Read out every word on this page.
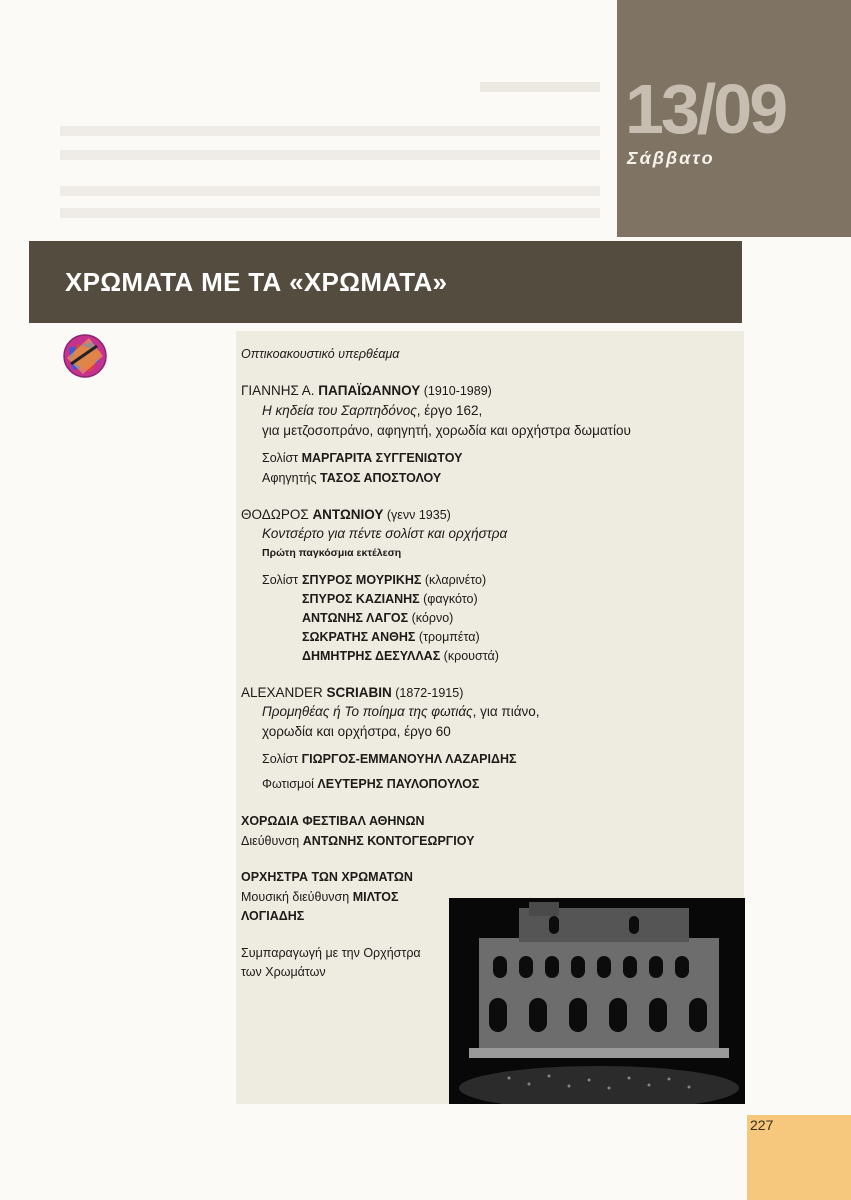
13/09
Σάββατο
ΧΡΩΜΑΤΑ ΜΕ ΤΑ «ΧΡΩΜΑΤΑ»
Οπτικοακουστικό υπερθέαμα
ΓΙΑΝΝΗΣ Α. ΠΑΠΑΪΩΑΝΝΟΥ (1910-1989)
Η κηδεία του Σαρπηδόνος, έργο 162,
για μετζοσοπράνο, αφηγητή, χορωδία και ορχήστρα δωματίου
Σολίστ ΜΑΡΓΑΡΙΤΑ ΣΥΓΓΕΝΙΩΤΟΥ
Αφηγητής ΤΑΣΟΣ ΑΠΟΣΤΟΛΟΥ
ΘΟΔΩΡΟΣ ΑΝΤΩΝΙΟΥ (γενν 1935)
Κοντσέρτο για πέντε σολίστ και ορχήστρα
Πρώτη παγκόσμια εκτέλεση
Σολίστ ΣΠΥΡΟΣ ΜΟΥΡΙΚΗΣ (κλαρινέτο)
ΣΠΥΡΟΣ ΚΑΖΙΑΝΗΣ (φαγκότο)
ΑΝΤΩΝΗΣ ΛΑΓΟΣ (κόρνο)
ΣΩΚΡΑΤΗΣ ΑΝΘΗΣ (τρομπέτα)
ΔΗΜΗΤΡΗΣ ΔΕΣΥΛΛΑΣ (κρουστά)
ALEXANDER SCRIABIN (1872-1915)
Προμηθέας ή Το ποίημα της φωτιάς, για πιάνο,
χορωδία και ορχήστρα, έργο 60
Σολίστ ΓΙΩΡΓΟΣ-ΕΜΜΑΝΟΥΗΛ ΛΑΖΑΡΙΔΗΣ
Φωτισμοί ΛΕΥΤΕΡΗΣ ΠΑΥΛΟΠΟΥΛΟΣ
ΧΟΡΩΔΙΑ ΦΕΣΤΙΒΑΛ ΑΘΗΝΩΝ
Διεύθυνση ΑΝΤΩΝΗΣ ΚΟΝΤΟΓΕΩΡΓΙΟΥ
ΟΡΧΗΣΤΡΑ ΤΩΝ ΧΡΩΜΑΤΩΝ
Μουσική διεύθυνση ΜΙΛΤΟΣ
ΛΟΓΙΑΔΗΣ
Συμπαραγωγή με την Ορχήστρα
των Χρωμάτων
227
